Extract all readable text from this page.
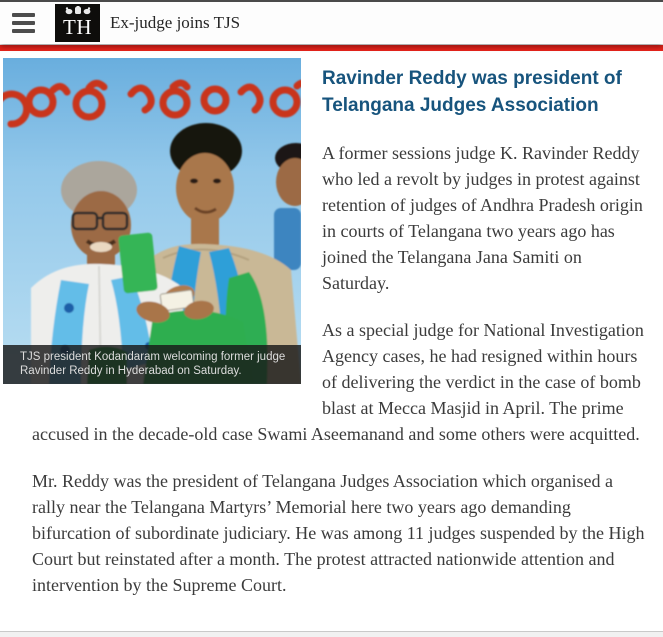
TH Ex-judge joins TJS
TJS president Kodandaram welcoming former judge Ravinder Reddy in Hyderabad on Saturday.
Ravinder Reddy was president of Telangana Judges Association

A former sessions judge K. Ravinder Reddy who led a revolt by judges in protest against retention of judges of Andhra Pradesh origin in courts of Telangana two years ago has joined the Telangana Jana Samiti on Saturday.

As a special judge for National Investigation Agency cases, he had resigned within hours of delivering the verdict in the case of bomb blast at Mecca Masjid in April. The prime accused in the decade-old case Swami Aseemanand and some others were acquitted.

Mr. Reddy was the president of Telangana Judges Association which organised a rally near the Telangana Martyrs’ Memorial here two years ago demanding bifurcation of subordinate judiciary. He was among 11 judges suspended by the High Court but reinstated after a month. The protest attracted nationwide attention and intervention by the Supreme Court.
